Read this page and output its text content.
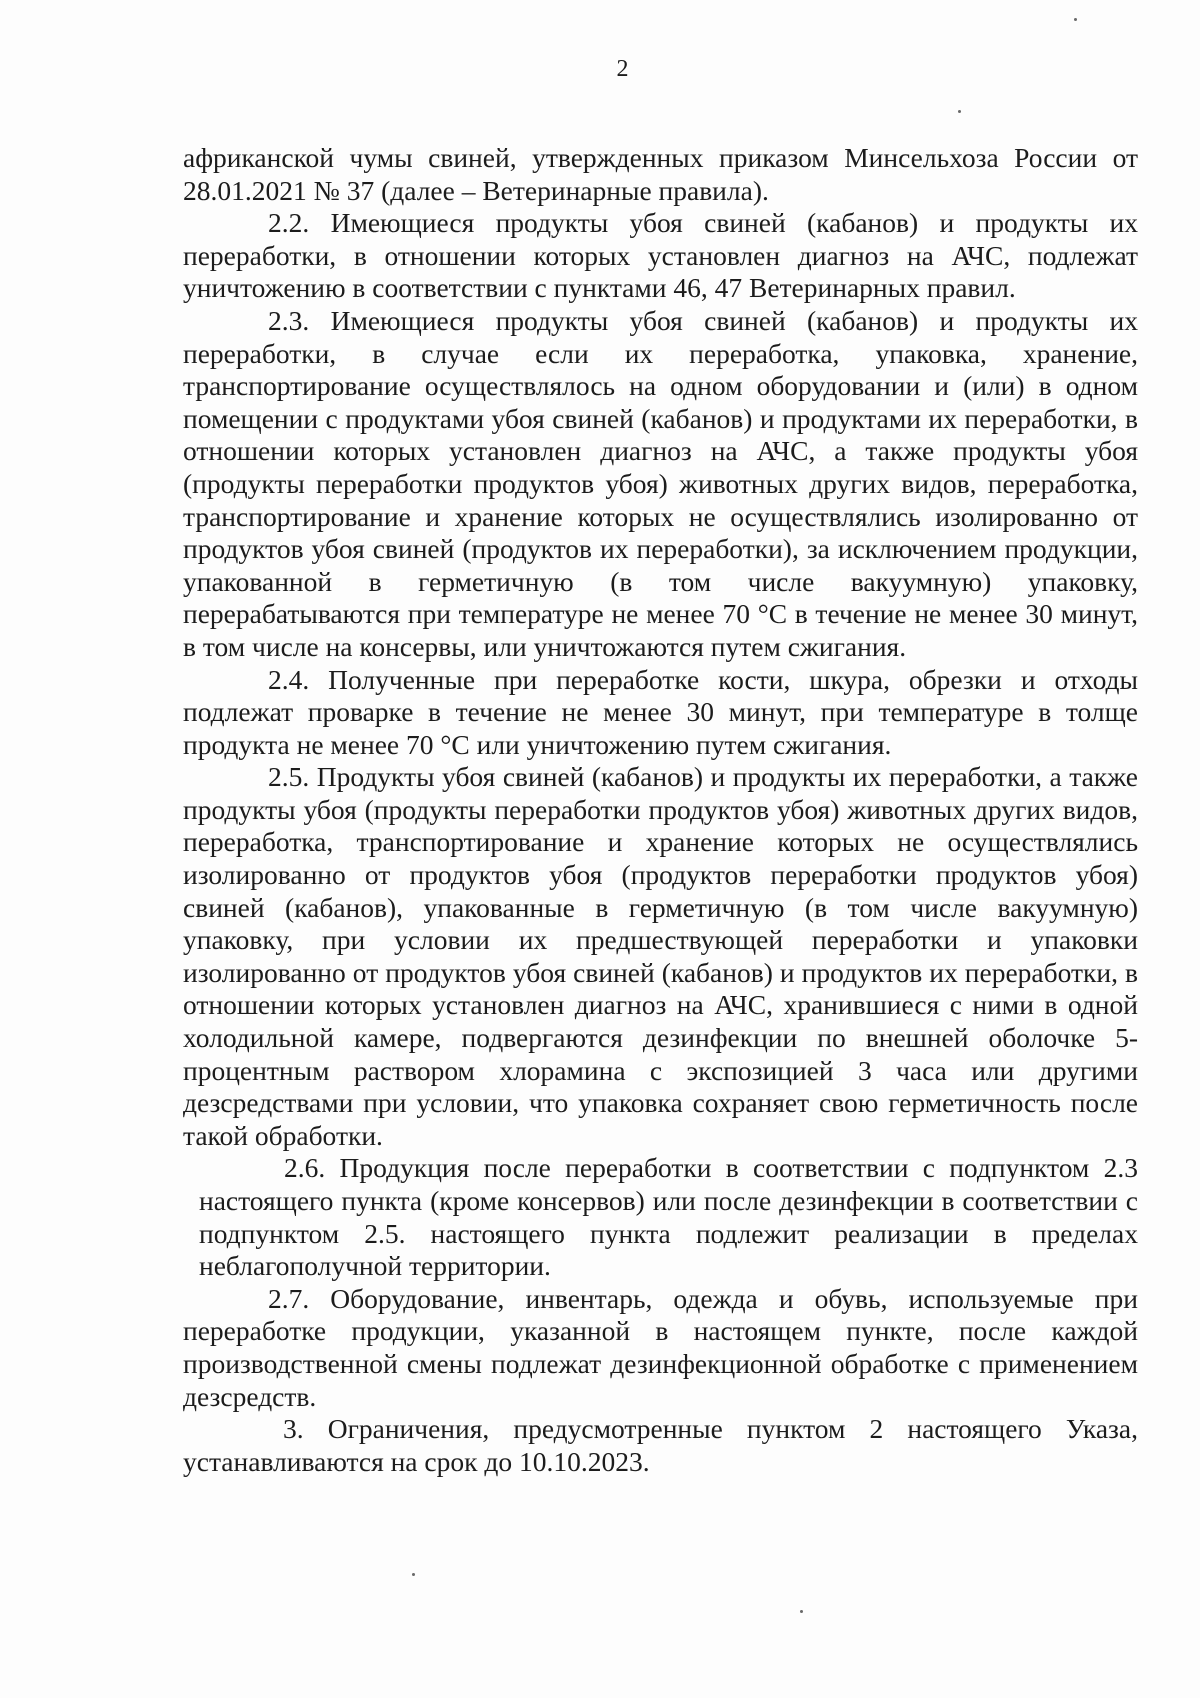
2

африканской чумы свиней, утвержденных приказом Минсельхоза России от 28.01.2021 № 37 (далее – Ветеринарные правила).

2.2. Имеющиеся продукты убоя свиней (кабанов) и продукты их переработки, в отношении которых установлен диагноз на АЧС, подлежат уничтожению в соответствии с пунктами 46, 47 Ветеринарных правил.

2.3. Имеющиеся продукты убоя свиней (кабанов) и продукты их переработки, в случае если их переработка, упаковка, хранение, транспортирование осуществлялось на одном оборудовании и (или) в одном помещении с продуктами убоя свиней (кабанов) и продуктами их переработки, в отношении которых установлен диагноз на АЧС, а также продукты убоя (продукты переработки продуктов убоя) животных других видов, переработка, транспортирование и хранение которых не осуществлялись изолированно от продуктов убоя свиней (продуктов их переработки), за исключением продукции, упакованной в герметичную (в том числе вакуумную) упаковку, перерабатываются при температуре не менее 70 °С в течение не менее 30 минут, в том числе на консервы, или уничтожаются путем сжигания.

2.4. Полученные при переработке кости, шкура, обрезки и отходы подлежат проварке в течение не менее 30 минут, при температуре в толще продукта не менее 70 °С или уничтожению путем сжигания.

2.5. Продукты убоя свиней (кабанов) и продукты их переработки, а также продукты убоя (продукты переработки продуктов убоя) животных других видов, переработка, транспортирование и хранение которых не осуществлялись изолированно от продуктов убоя (продуктов переработки продуктов убоя) свиней (кабанов), упакованные в герметичную (в том числе вакуумную) упаковку, при условии их предшествующей переработки и упаковки изолированно от продуктов убоя свиней (кабанов) и продуктов их переработки, в отношении которых установлен диагноз на АЧС, хранившиеся с ними в одной холодильной камере, подвергаются дезинфекции по внешней оболочке 5-процентным раствором хлорамина с экспозицией 3 часа или другими дезсредствами при условии, что упаковка сохраняет свою герметичность после такой обработки.

2.6. Продукция после переработки в соответствии с подпунктом 2.3 настоящего пункта (кроме консервов) или после дезинфекции в соответствии с подпунктом 2.5. настоящего пункта подлежит реализации в пределах неблагополучной территории.

2.7. Оборудование, инвентарь, одежда и обувь, используемые при переработке продукции, указанной в настоящем пункте, после каждой производственной смены подлежат дезинфекционной обработке с применением дезсредств.

3. Ограничения, предусмотренные пунктом 2 настоящего Указа, устанавливаются на срок до 10.10.2023.
